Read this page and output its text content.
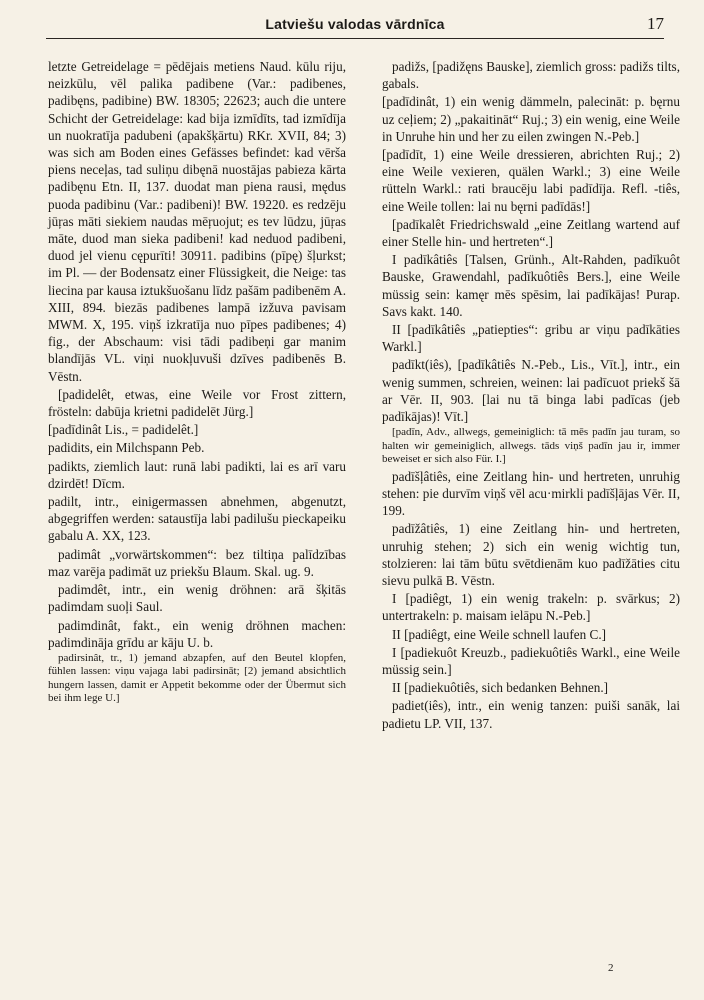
Latviešu valodas vārdnīca	17

letzte Getreidelage = pēdējais metiens Naud. kūlu riju, neizkūlu, vēl palika padibene (Var.: padibenes, padibęns, padibine) BW. 18305; 22623; auch die untere Schicht der Getreidelage: kad bija izmīdīts, tad izmīdīja un nuokratīja padubeni (apakšķārtu) RKr. XVII, 84; 3) was sich am Boden eines Gefässes befindet: kad vērša piens neceļas, tad suliņu dibęnā nuostājas pabieza kārta padibęnu Etn. II, 137. duodat man piena rausi, mędus puoda padibinu (Var.: padibeni)! BW. 19220. es redzēju jūŗas māti siekiem naudas mēŗuojut; es tev lūdzu, jūŗas māte, duod man sieka padibeni! kad neduod padibeni, duod jel vienu cępurīti! 30911. padibins (pīpę) šļurkst; im Pl. — der Bodensatz einer Flüssigkeit, die Neige: tas liecina par kausa iztukšuošanu līdz pašām padibenēm A. XIII, 894. biezās padibenes lampā izžuva pavisam MWM. X, 195. viņš izkratīja nuo pīpes padibenes; 4) fig., der Abschaum: visi tādi padibeņi gar manim blandījās VL. viņi nuokļuvuši dzīves padibenēs B. Vēstn.

[padidelêt, etwas, eine Weile vor Frost zittern, frösteln: dabūja krietni padidelēt Jürg.]

[padīdinât Lis., = padidelêt.]

padidits, ein Milchspann Peb.

padikts, ziemlich laut: runā labi padikti, lai es arī varu dzirdēt! Dīcm.

padilt, intr., einigermassen abnehmen, abgenutzt, abgegriffen werden: sataustīja labi padilušu pieckapeiku gabalu A. XX, 123.

padimât „vorwärtskommen“: bez tiltiņa palīdzības maz varēja padimāt uz priekšu Blaum. Skal. ug. 9.

padimdêt, intr., ein wenig dröhnen: arā šķitās padimdam suoļi Saul.

padimdinât, fakt., ein wenig dröhnen machen: padimdināja grīdu ar kāju U. b.

padirsinât, tr., 1) jemand abzapfen, auf den Beutel klopfen, fühlen lassen: viņu vajaga labi padirsināt; [2) jemand absichtlich hungern lassen, damit er Appetit bekomme oder der Übermut sich bei ihm lege U.]

padižs, [padižęns Bauske], ziemlich gross: padižs tilts, gabals.

[padīdinât, 1) ein wenig dämmeln, palecināt: p. bęrnu uz ceļiem; 2) „pakaitināt“ Ruj.; 3) ein wenig, eine Weile in Unruhe hin und her zu eilen zwingen N.-Peb.]

[padīdīt, 1) eine Weile dressieren, abrichten Ruj.; 2) eine Weile vexieren, quälen Warkl.; 3) eine Weile rütteln Warkl.: rati braucēju labi padīdīja. Refl. -tiês, eine Weile tollen: lai nu bęrni padīdās!]

[padīkalêt Friedrichswald „eine Zeitlang wartend auf einer Stelle hin- und hertreten“.]

I padīkâtiês [Talsen, Grünh., Alt-Rahden, padīkuôt Bauske, Grawendahl, padīkuôtiês Bers.], eine Weile müssig sein: kamęr mēs spēsim, lai padīkājas! Purap. Savs kakt. 140.

II [padīkâtiês „patiepties“: gribu ar viņu padīkāties Warkl.]

padīkt(iês), [padīkâtiês N.-Peb., Lis., Vīt.], intr., ein wenig summen, schreien, weinen: lai padīcuot priekš šā ar Vēr. II, 903. [lai nu tā binga labi padīcas (jeb padīkājas)! Vīt.]

[padīn, Adv., allwegs, gemeiniglich: tā mēs padīn jau turam, so halten wir gemeiniglich, allwegs. tāds viņš padīn jau ir, immer beweiset er sich also Für. I.]

padīšļâtiês, eine Zeitlang hin- und hertreten, unruhig stehen: pie durvīm viņš vēl acu·mirkli padīšļājas Vēr. II, 199.

padīžâtiês, 1) eine Zeitlang hin- und hertreten, unruhig stehen; 2) sich ein wenig wichtig tun, stolzieren: lai tām būtu svētdienām kuo padīžāties citu sievu pulkā B. Vēstn.

I [padiêgt, 1) ein wenig trakeln: p. svārkus; 2) untertrakeln: p. maisam ielāpu N.-Peb.]

II [padiêgt, eine Weile schnell laufen C.]

I [padiekuôt Kreuzb., padiekuôtiês Warkl., eine Weile müssig sein.]

II [padiekuôtiês, sich bedanken Behnen.]

padiet(iês), intr., ein wenig tanzen: puiši sanāk, lai padietu LP. VII, 137.

2
